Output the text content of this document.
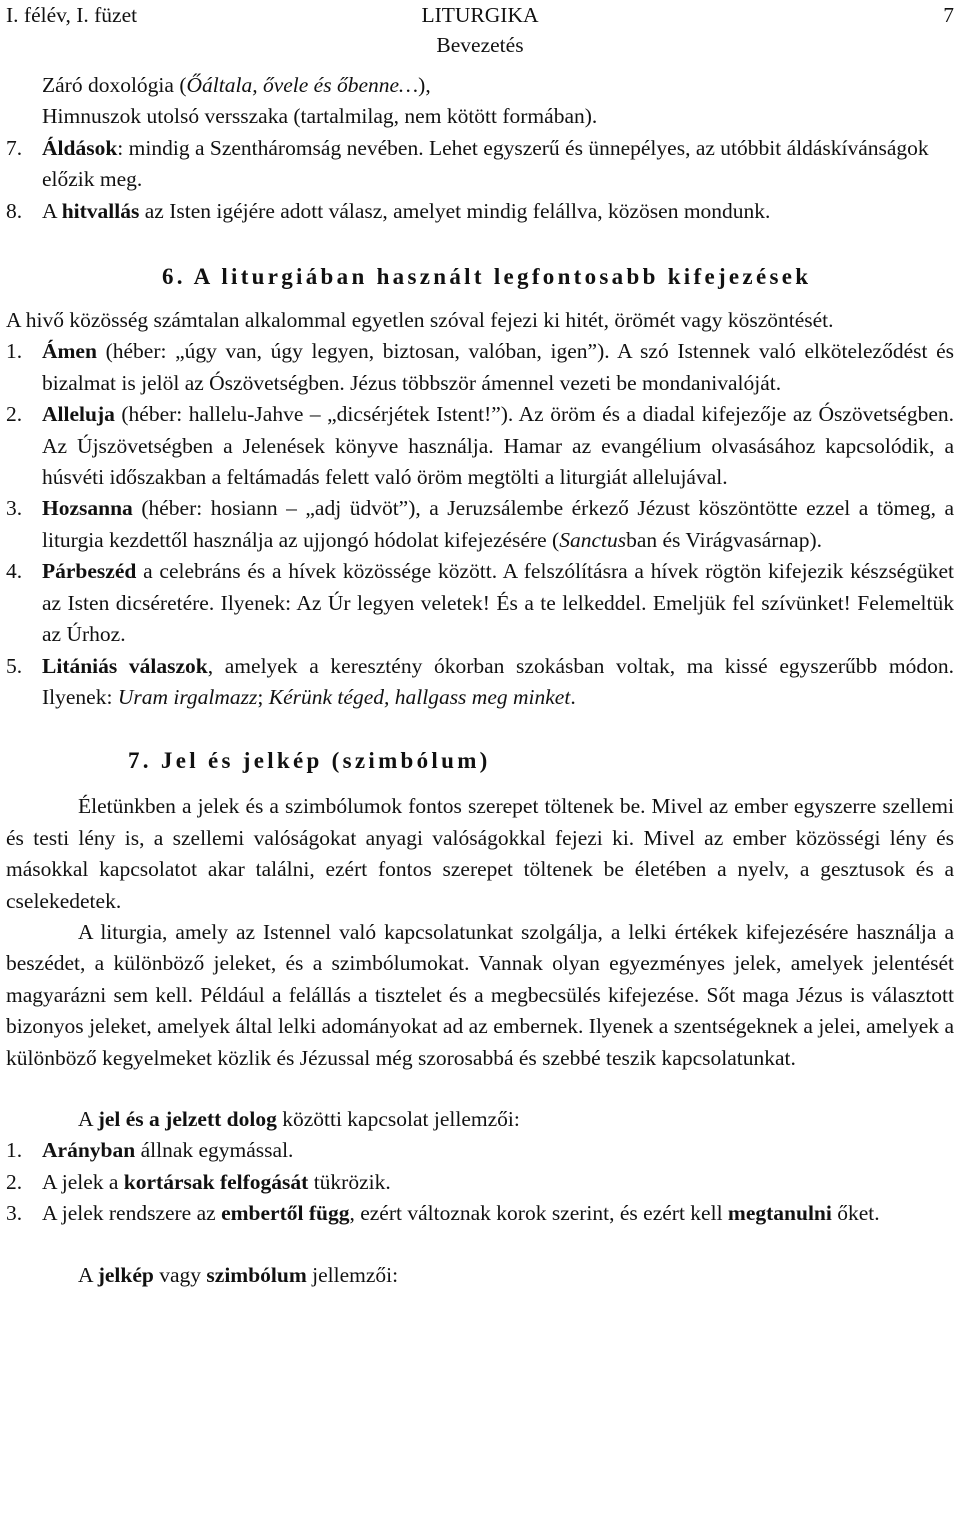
I. félév, I. füzet	LITURGIKA
Bevezetés
7
Záró doxológia (Őáltala, ővele és őbenne…),
Himnuszok utolsó versszaka (tartalmilag, nem kötött formában).
7. Áldások: mindig a Szentháromság nevében. Lehet egyszerű és ünnepélyes, az utóbbit áldáskívánságok előzik meg.
8. A hitvallás az Isten igéjére adott válasz, amelyet mindig felállva, közösen mondunk.
6. A liturgiában használt legfontosabb kifejezések
A hivő közösség számtalan alkalommal egyetlen szóval fejezi ki hitét, örömét vagy köszöntését.
1. Ámen (héber: „úgy van, úgy legyen, biztosan, valóban, igen”). A szó Istennek való elköteleződést és bizalmat is jelöl az Ószövetségben. Jézus többször ámennel vezeti be mondanivalóját.
2. Alleluja (héber: hallelu-Jahve – „dicsérjétek Istent!”). Az öröm és a diadal kifejezője az Ószövetségben. Az Újszövetségben a Jelenések könyve használja. Hamar az evangélium olvasásához kapcsolódik, a húsvéti időszakban a feltámadás felett való öröm megtölti a liturgiát allelujával.
3. Hozsanna (héber: hosiann – „adj üdvöt”), a Jeruzsálembe érkező Jézust köszöntötte ezzel a tömeg, a liturgia kezdettől használja az ujjongó hódolat kifejezésére (Sanctusban és Virágvasárnap).
4. Párbeszéd a celebráns és a hívek közössége között. A felszólításra a hívek rögtön kifejezik készségüket az Isten dicséretére. Ilyenek: Az Úr legyen veletek! És a te lelkeddel. Emeljük fel szívünket! Felemeltük az Úrhoz.
5. Litániás válaszok, amelyek a keresztény ókorban szokásban voltak, ma kissé egyszerűbb módon. Ilyenek: Uram irgalmazz; Kérünk téged, hallgass meg minket.
7. Jel és jelkép (szimbólum)
Életünkben a jelek és a szimbólumok fontos szerepet töltenek be. Mivel az ember egyszerre szellemi és testi lény is, a szellemi valóságokat anyagi valóságokkal fejezi ki. Mivel az ember közösségi lény és másokkal kapcsolatot akar találni, ezért fontos szerepet töltenek be életében a nyelv, a gesztusok és a cselekedetek.
A liturgia, amely az Istennel való kapcsolatunkat szolgálja, a lelki értékek kifejezésére használja a beszédet, a különböző jeleket, és a szimbólumokat. Vannak olyan egyezményes jelek, amelyek jelentését magyarázni sem kell. Például a felállás a tisztelet és a megbecsülés kifejezése. Sőt maga Jézus is választott bizonyos jeleket, amelyek által lelki adományokat ad az embernek. Ilyenek a szentségeknek a jelei, amelyek a különböző kegyelmeket közlik és Jézussal még szorosabbá és szebbé teszik kapcsolatunkat.
A jel és a jelzett dolog közötti kapcsolat jellemzői:
1. Arányban állnak egymással.
2. A jelek a kortársak felfogását tükrözik.
3. A jelek rendszere az embertől függ, ezért változnak korok szerint, és ezért kell megtanulni őket.
A jelkép vagy szimbólum jellemzői:
